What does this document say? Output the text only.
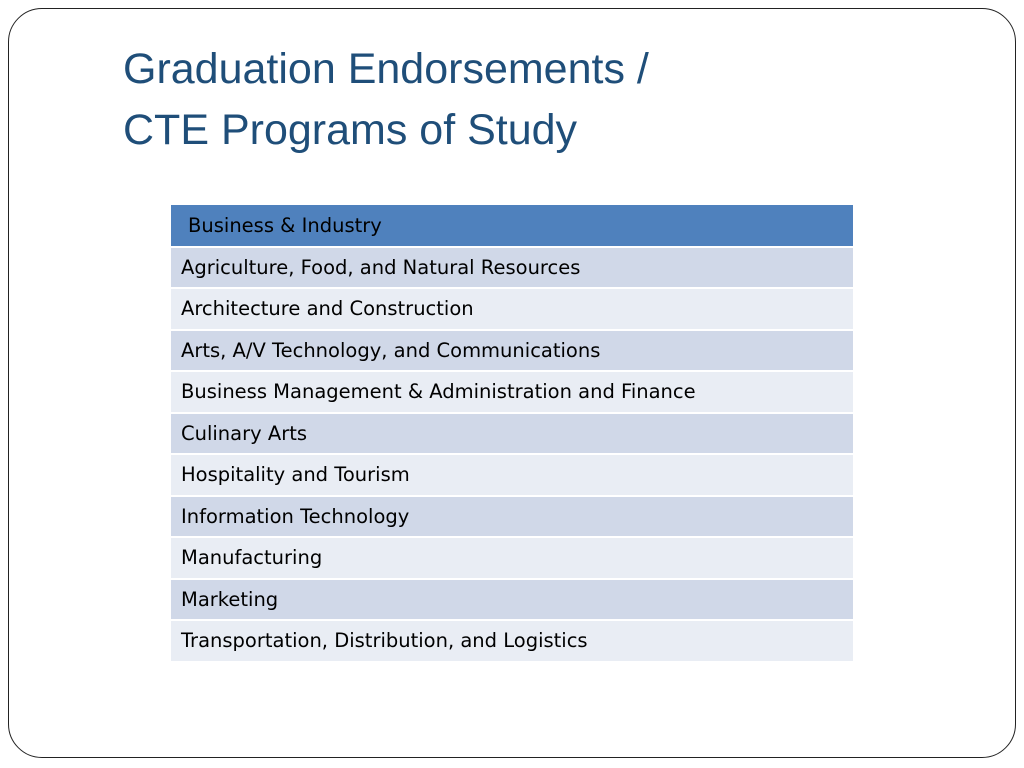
Graduation Endorsements /
CTE Programs of Study
Business & Industry
Agriculture, Food, and Natural Resources
Architecture and Construction
Arts, A/V Technology, and Communications
Business Management & Administration and Finance
Culinary Arts
Hospitality and Tourism
Information Technology
Manufacturing
Marketing
Transportation, Distribution, and Logistics
